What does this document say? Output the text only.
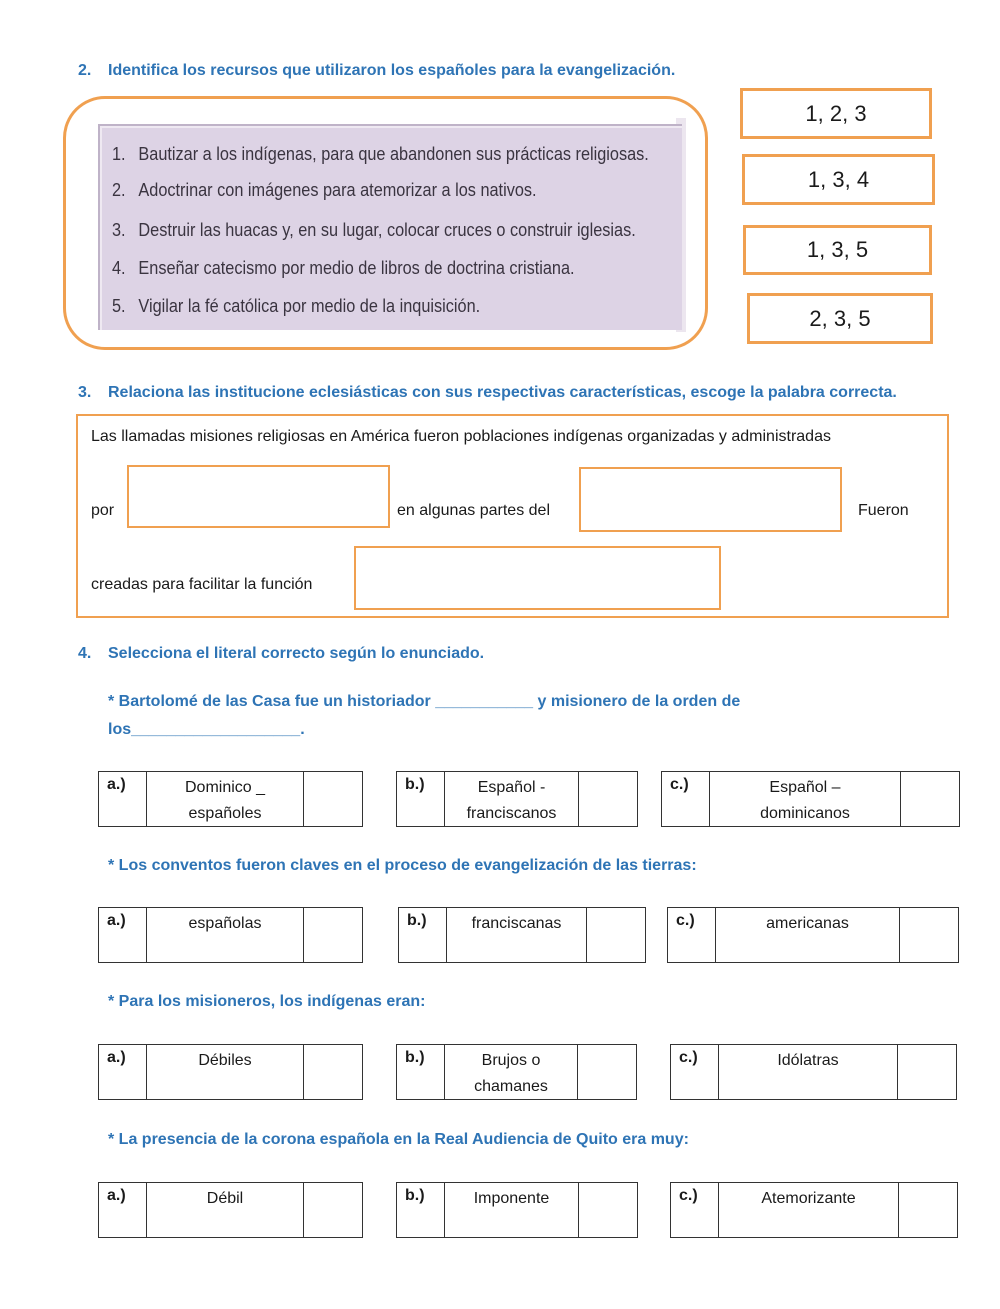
2. Identifica los recursos que utilizaron los españoles para la evangelización.
1. Bautizar a los indígenas, para que abandonen sus prácticas religiosas.
2. Adoctrinar con imágenes para atemorizar a los nativos.
3. Destruir las huacas y, en su lugar, colocar cruces o construir iglesias.
4. Enseñar catecismo por medio de libros de doctrina cristiana.
5. Vigilar la fé católica por medio de la inquisición.
1, 2, 3
1, 3, 4
1, 3, 5
2, 3, 5
3. Relaciona las institucione eclesiásticas con sus respectivas características, escoge la palabra correcta.
Las llamadas misiones religiosas en América fueron poblaciones indígenas organizadas y administradas
por	en algunas partes del	Fueron
creadas para facilitar la función
4. Selecciona el literal correcto según lo enunciado.
* Bartolomé de las Casa fue un historiador ___________ y misionero de la orden de
los___________________.
a.)	Dominico _
españoles
b.)	Español -
franciscanos
c.)	Español –
dominicanos
* Los conventos fueron claves en el proceso de evangelización de las tierras:
a.)	españolas	b.)	franciscanas	c.)	americanas
* Para los misioneros, los indígenas eran:
a.)	Débiles	b.)	Brujos o
chamanes
c.)	Idólatras
* La presencia de la corona española en la Real Audiencia de Quito era muy:
a.)	Débil	b.)	Imponente	c.)	Atemorizante
